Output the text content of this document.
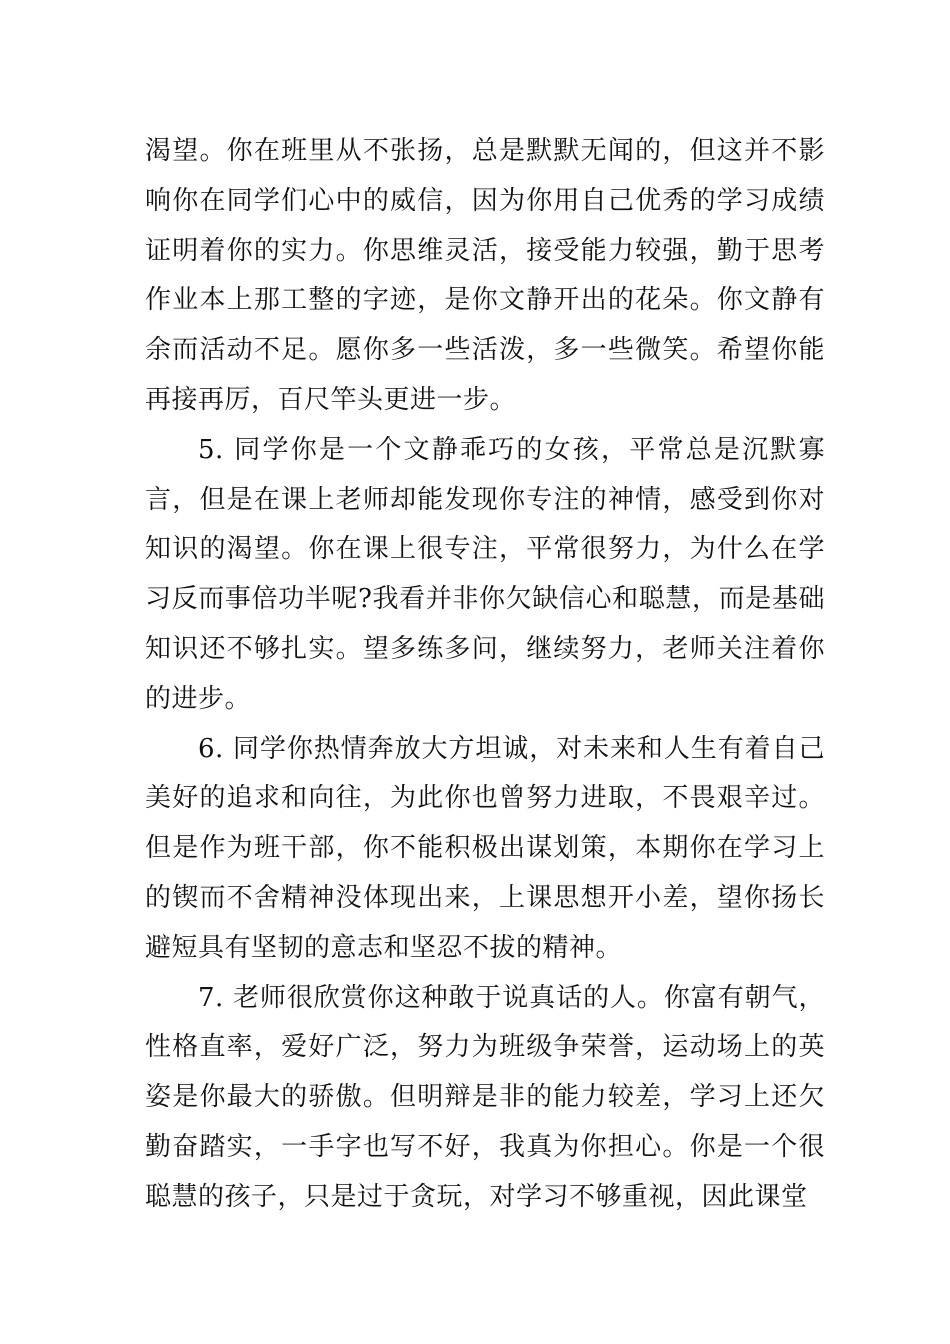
渴望。你在班里从不张扬，总是默默无闻的，但这并不影响你在同学们心中的威信，因为你用自己优秀的学习成绩证明着你的实力。你思维灵活，接受能力较强，勤于思考作业本上那工整的字迹，是你文静开出的花朵。你文静有余而活动不足。愿你多一些活泼，多一些微笑。希望你能再接再厉，百尺竿头更进一步。

5. 同学你是一个文静乖巧的女孩，平常总是沉默寡言，但是在课上老师却能发现你专注的神情，感受到你对知识的渴望。你在课上很专注，平常很努力，为什么在学习反而事倍功半呢?我看并非你欠缺信心和聪慧，而是基础知识还不够扎实。望多练多问，继续努力，老师关注着你的进步。

6. 同学你热情奔放大方坦诚，对未来和人生有着自己美好的追求和向往，为此你也曾努力进取，不畏艰辛过。但是作为班干部，你不能积极出谋划策，本期你在学习上的锲而不舍精神没体现出来，上课思想开小差，望你扬长避短具有坚韧的意志和坚忍不拔的精神。

7. 老师很欣赏你这种敢于说真话的人。你富有朝气，性格直率，爱好广泛，努力为班级争荣誉，运动场上的英姿是你最大的骄傲。但明辩是非的能力较差，学习上还欠勤奋踏实，一手字也写不好，我真为你担心。你是一个很聪慧的孩子，只是过于贪玩，对学习不够重视，因此课堂
